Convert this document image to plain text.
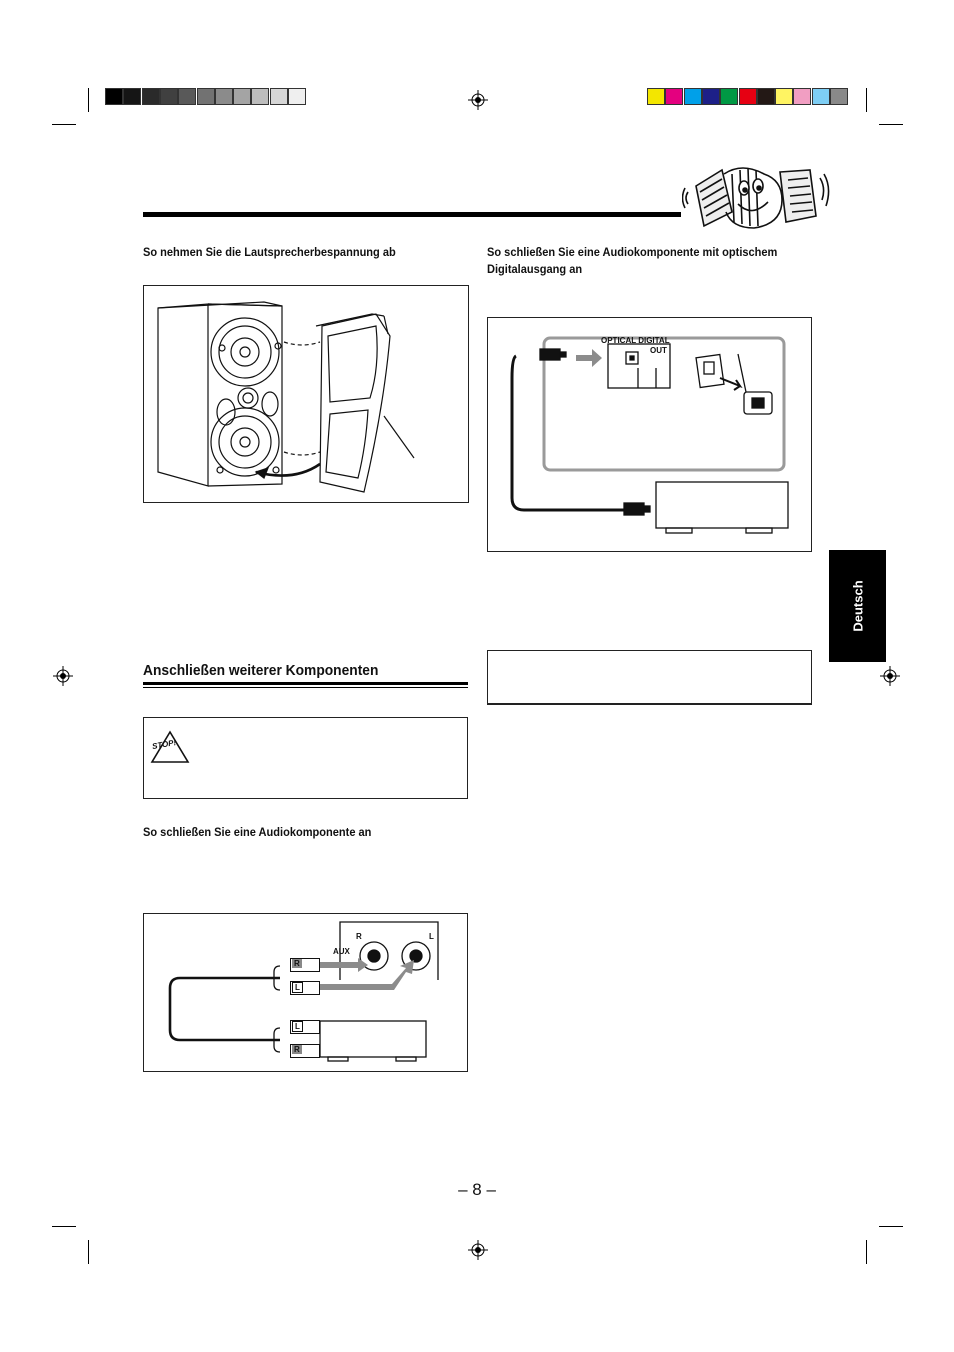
So nehmen Sie die Lautsprecherbespannung ab	So schließen Sie eine Audiokomponente mit optischem
Digitalausgang an
OPTICAL DIGITAL
OUT
Deutsch
Anschließen weiterer Komponenten
STOP!
So schließen Sie eine Audiokomponente an
AUX
R	L
R
L
L
R
– 8 –
